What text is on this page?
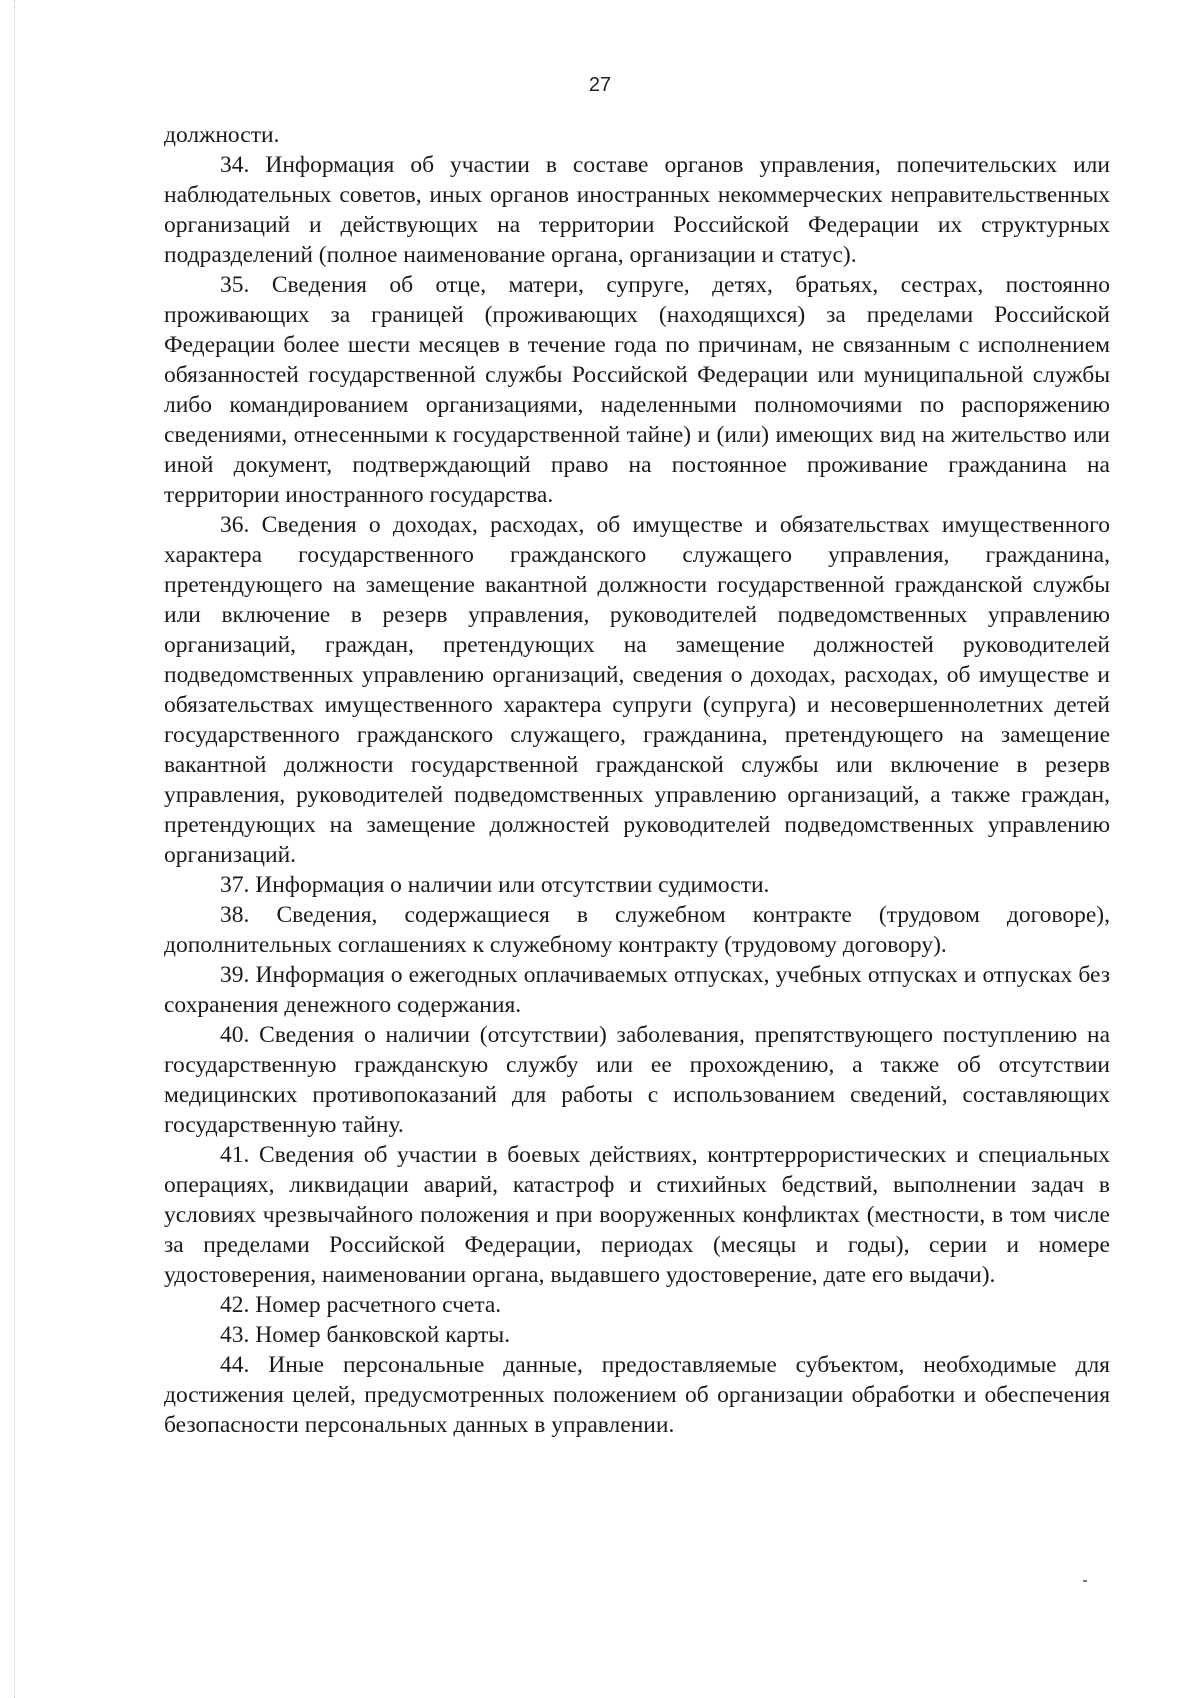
27

должности.

34. Информация об участии в составе органов управления, попечительских или наблюдательных советов, иных органов иностранных некоммерческих неправительственных организаций и действующих на территории Российской Федерации их структурных подразделений (полное наименование органа, организации и статус).

35. Сведения об отце, матери, супруге, детях, братьях, сестрах, постоянно проживающих за границей (проживающих (находящихся) за пределами Российской Федерации более шести месяцев в течение года по причинам, не связанным с исполнением обязанностей государственной службы Российской Федерации или муниципальной службы либо командированием организациями, наделенными полномочиями по распоряжению сведениями, отнесенными к государственной тайне) и (или) имеющих вид на жительство или иной документ, подтверждающий право на постоянное проживание гражданина на территории иностранного государства.

36. Сведения о доходах, расходах, об имуществе и обязательствах имущественного характера государственного гражданского служащего управления, гражданина, претендующего на замещение вакантной должности государственной гражданской службы или включение в резерв управления, руководителей подведомственных управлению организаций, граждан, претендующих на замещение должностей руководителей подведомственных управлению организаций, сведения о доходах, расходах, об имуществе и обязательствах имущественного характера супруги (супруга) и несовершеннолетних детей государственного гражданского служащего, гражданина, претендующего на замещение вакантной должности государственной гражданской службы или включение в резерв управления, руководителей подведомственных управлению организаций, а также граждан, претендующих на замещение должностей руководителей подведомственных управлению организаций.

37. Информация о наличии или отсутствии судимости.

38. Сведения, содержащиеся в служебном контракте (трудовом договоре), дополнительных соглашениях к служебному контракту (трудовому договору).

39. Информация о ежегодных оплачиваемых отпусках, учебных отпусках и отпусках без сохранения денежного содержания.

40. Сведения о наличии (отсутствии) заболевания, препятствующего поступлению на государственную гражданскую службу или ее прохождению, а также об отсутствии медицинских противопоказаний для работы с использованием сведений, составляющих государственную тайну.

41. Сведения об участии в боевых действиях, контртеррористических и специальных операциях, ликвидации аварий, катастроф и стихийных бедствий, выполнении задач в условиях чрезвычайного положения и при вооруженных конфликтах (местности, в том числе за пределами Российской Федерации, периодах (месяцы и годы), серии и номере удостоверения, наименовании органа, выдавшего удостоверение, дате его выдачи).

42. Номер расчетного счета.

43. Номер банковской карты.

44. Иные персональные данные, предоставляемые субъектом, необходимые для достижения целей, предусмотренных положением об организации обработки и обеспечения безопасности персональных данных в управлении.
